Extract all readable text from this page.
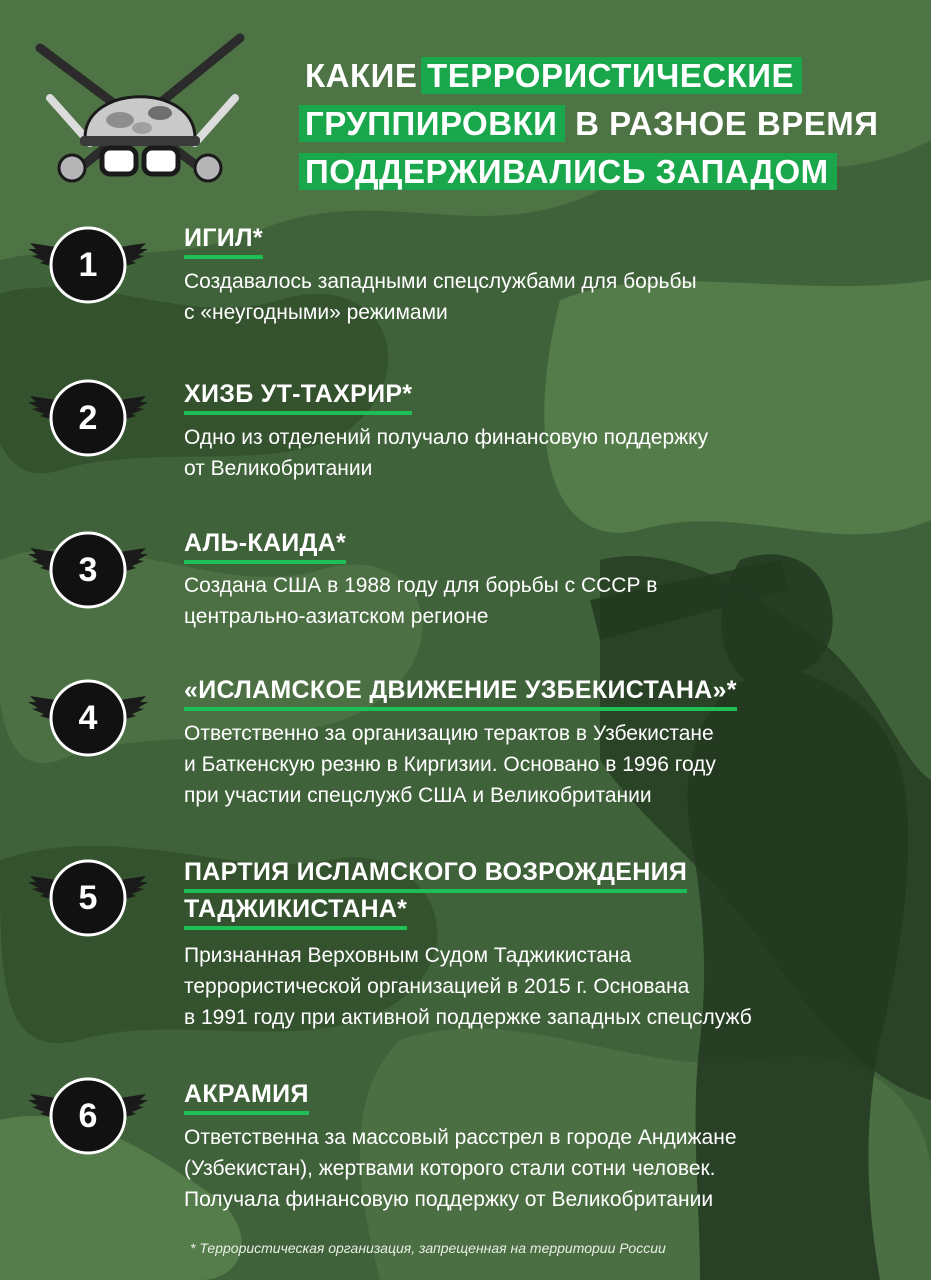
КАКИЕ ТЕРРОРИСТИЧЕСКИЕ
ГРУППИРОВКИ В РАЗНОЕ ВРЕМЯ
ПОДДЕРЖИВАЛИСЬ ЗАПАДОМ
1
ИГИЛ*
Создавалось западными спецслужбами для борьбы
с «неугодными» режимами
2
ХИЗБ УТ-ТАХРИР*
Одно из отделений получало финансовую поддержку
от Великобритании
3
АЛЬ-КАИДА*
Создана США в 1988 году для борьбы с СССР в
центрально-азиатском регионе
4
«ИСЛАМСКОЕ ДВИЖЕНИЕ УЗБЕКИСТАНА»*
Ответственно за организацию терактов в Узбекистане
и Баткенскую резню в Киргизии. Основано в 1996 году
при участии спецслужб США и Великобритании
5
ПАРТИЯ ИСЛАМСКОГО ВОЗРОЖДЕНИЯ
ТАДЖИКИСТАНА*
Признанная Верховным Судом Таджикистана
террористической организацией в 2015 г. Основана
в 1991 году при активной поддержке западных спецслужб
6
АКРАМИЯ
Ответственна за массовый расстрел в городе Андижане
(Узбекистан), жертвами которого стали сотни человек.
Получала финансовую поддержку от Великобритании
* Террористическая организация, запрещенная на территории России
